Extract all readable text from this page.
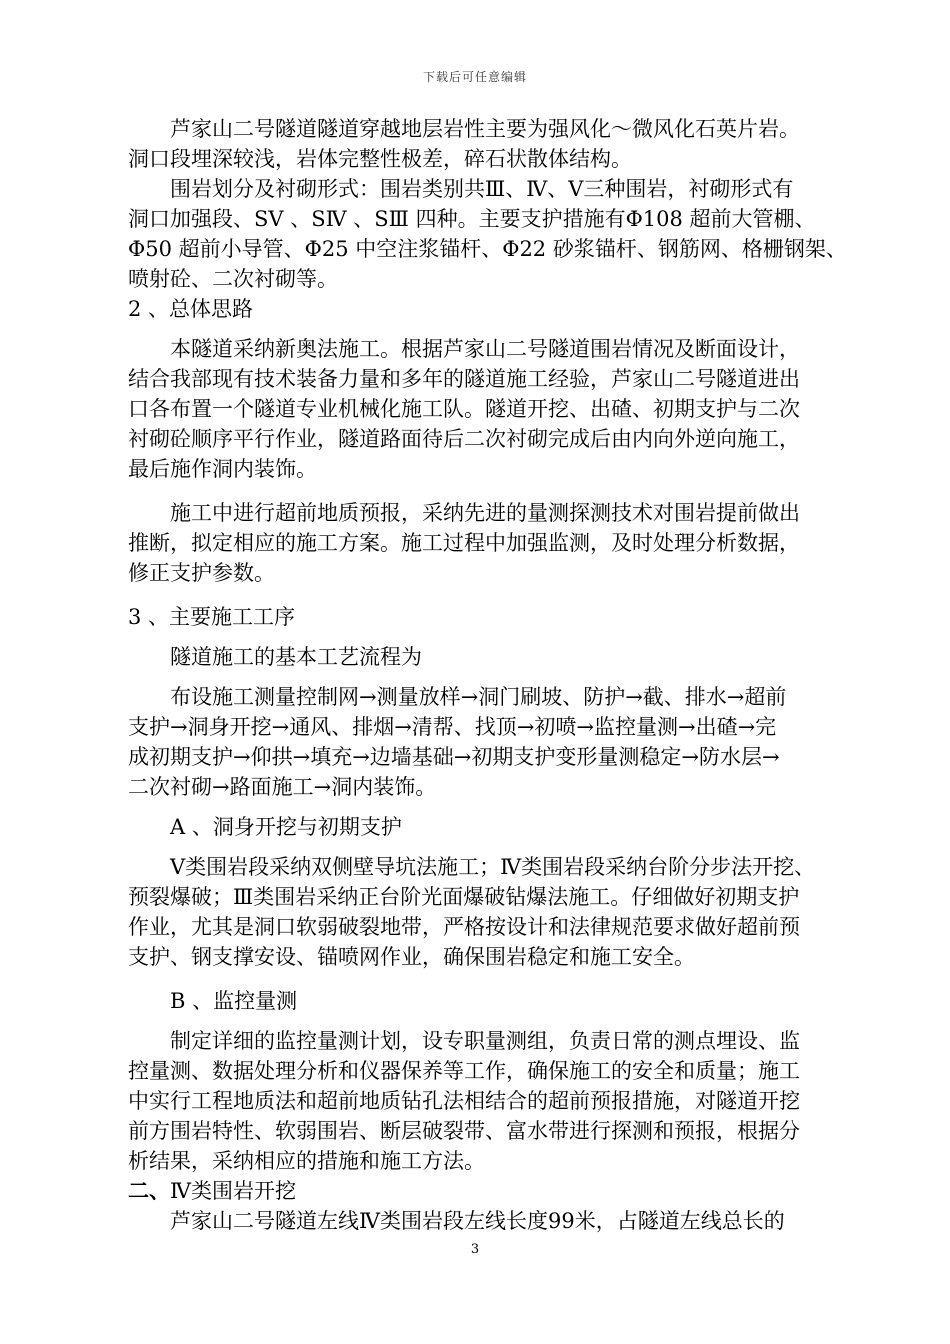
下载后可任意编辑
芦家山二号隧道隧道穿越地层岩性主要为强风化～微风化石英片岩。
洞口段埋深较浅，岩体完整性极差，碎石状散体结构。
围岩划分及衬砌形式：围岩类别共Ⅲ、Ⅳ、Ⅴ三种围岩，衬砌形式有
洞口加强段、SⅤ 、SⅣ 、SⅢ 四种。主要支护措施有Φ108 超前大管棚、
Φ50 超前小导管、Φ25 中空注浆锚杆、Φ22 砂浆锚杆、钢筋网、格栅钢架、
喷射砼、二次衬砌等。
2 、总体思路
本隧道采纳新奥法施工。根据芦家山二号隧道围岩情况及断面设计，
结合我部现有技术装备力量和多年的隧道施工经验，芦家山二号隧道进出
口各布置一个隧道专业机械化施工队。隧道开挖、出碴、初期支护与二次
衬砌砼顺序平行作业，隧道路面待后二次衬砌完成后由内向外逆向施工，
最后施作洞内装饰。
施工中进行超前地质预报，采纳先进的量测探测技术对围岩提前做出
推断，拟定相应的施工方案。施工过程中加强监测，及时处理分析数据，
修正支护参数。
3 、主要施工工序
隧道施工的基本工艺流程为
布设施工测量控制网→测量放样→洞门刷坡、防护→截、排水→超前
支护→洞身开挖→通风、排烟→清帮、找顶→初喷→监控量测→出碴→完
成初期支护→仰拱→填充→边墙基础→初期支护变形量测稳定→防水层→
二次衬砌→路面施工→洞内装饰。
A 、洞身开挖与初期支护
Ⅴ类围岩段采纳双侧壁导坑法施工；Ⅳ类围岩段采纳台阶分步法开挖、
预裂爆破；Ⅲ类围岩采纳正台阶光面爆破钻爆法施工。仔细做好初期支护
作业，尤其是洞口软弱破裂地带，严格按设计和法律规范要求做好超前预
支护、钢支撑安设、锚喷网作业，确保围岩稳定和施工安全。
B 、监控量测
制定详细的监控量测计划，设专职量测组，负责日常的测点埋设、监
控量测、数据处理分析和仪器保养等工作，确保施工的安全和质量；施工
中实行工程地质法和超前地质钻孔法相结合的超前预报措施，对隧道开挖
前方围岩特性、软弱围岩、断层破裂带、富水带进行探测和预报，根据分
析结果，采纳相应的措施和施工方法。
二、Ⅳ类围岩开挖
芦家山二号隧道左线Ⅳ类围岩段左线长度99米，占隧道左线总长的
3
